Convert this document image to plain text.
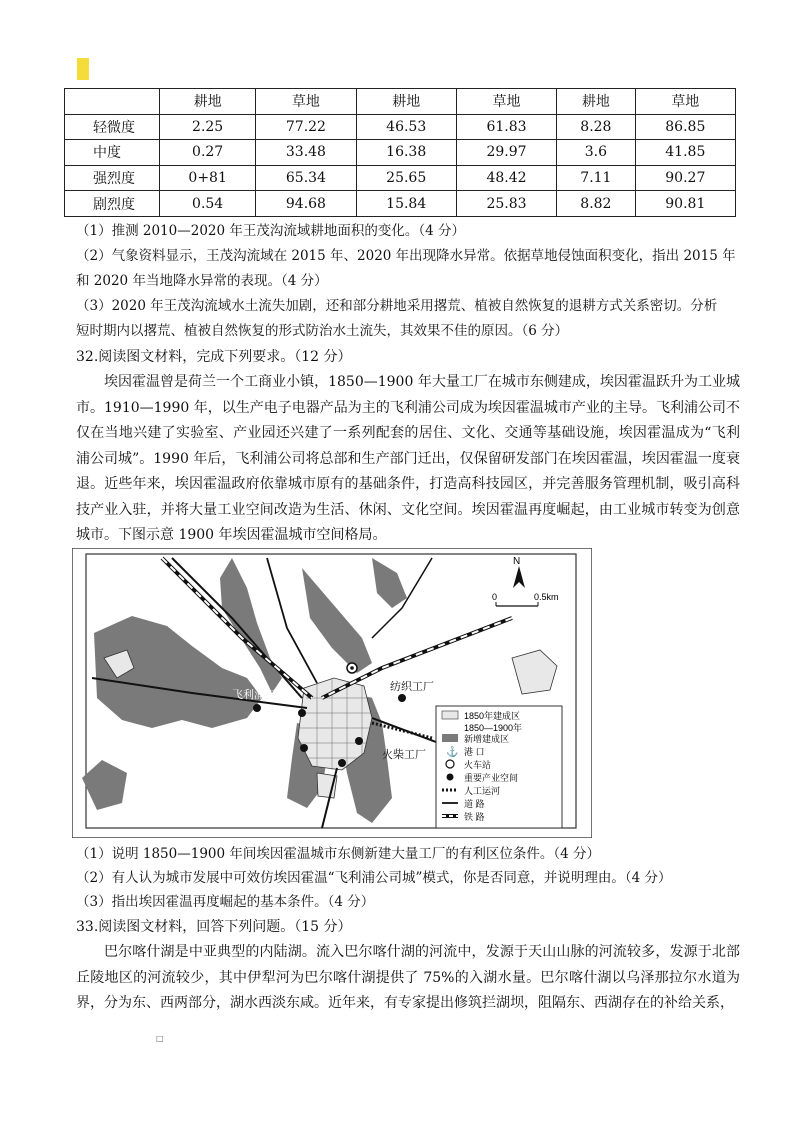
	耕地	草地	耕地	草地	耕地	草地
轻微度	2.25	77.22	46.53	61.83	8.28	86.85
中度	0.27	33.48	16.38	29.97	3.6	41.85
强烈度	0+81	65.34	25.65	48.42	7.11	90.27
剧烈度	0.54	94.68	15.84	25.83	8.82	90.81
（1）推测 2010—2020 年王茂沟流域耕地面积的变化。（4 分）
（2）气象资料显示，王茂沟流域在 2015 年、2020 年出现降水异常。依据草地侵蚀面积变化，指出 2015 年
和 2020 年当地降水异常的表现。（4 分）
（3）2020 年王茂沟流域水土流失加剧，还和部分耕地采用撂荒、植被自然恢复的退耕方式关系密切。分析
短时期内以撂荒、植被自然恢复的形式防治水土流失，其效果不佳的原因。（6 分）
32.阅读图文材料，完成下列要求。（12 分）
埃因霍温曾是荷兰一个工商业小镇，1850—1900 年大量工厂在城市东侧建成，埃因霍温跃升为工业城市。1910—1990 年，以生产电子电器产品为主的飞利浦公司成为埃因霍温城市产业的主导。飞利浦公司不仅在当地兴建了实验室、产业园还兴建了一系列配套的居住、文化、交通等基础设施，埃因霍温成为“飞利浦公司城”。1990 年后，飞利浦公司将总部和生产部门迁出，仅保留研发部门在埃因霍温，埃因霍温一度衰退。近些年来，埃因霍温政府依靠城市原有的基础条件，打造高科技园区，并完善服务管理机制，吸引高科技产业入驻，并将大量工业空间改造为生活、休闲、文化空间。埃因霍温再度崛起，由工业城市转变为创意城市。下图示意 1900 年埃因霍温城市空间格局。
飞利浦厂
纺织工厂
火柴工厂
N
0	0.5km
1850年建成区
1850—1900年
新增建成区
⚓ 港 口
火车站
重要产业空间
人工运河
道 路
铁 路
（1）说明 1850—1900 年间埃因霍温城市东侧新建大量工厂的有利区位条件。（4 分）
（2）有人认为城市发展中可效仿埃因霍温“飞利浦公司城”模式，你是否同意，并说明理由。（4 分）
（3）指出埃因霍温再度崛起的基本条件。（4 分）
33.阅读图文材料，回答下列问题。（15 分）
巴尔喀什湖是中亚典型的内陆湖。流入巴尔喀什湖的河流中，发源于天山山脉的河流较多，发源于北部丘陵地区的河流较少，其中伊犁河为巴尔喀什湖提供了 75%的入湖水量。巴尔喀什湖以乌泽那拉尔水道为界，分为东、西两部分，湖水西淡东咸。近年来，有专家提出修筑拦湖坝，阻隔东、西湖存在的补给关系，
□
